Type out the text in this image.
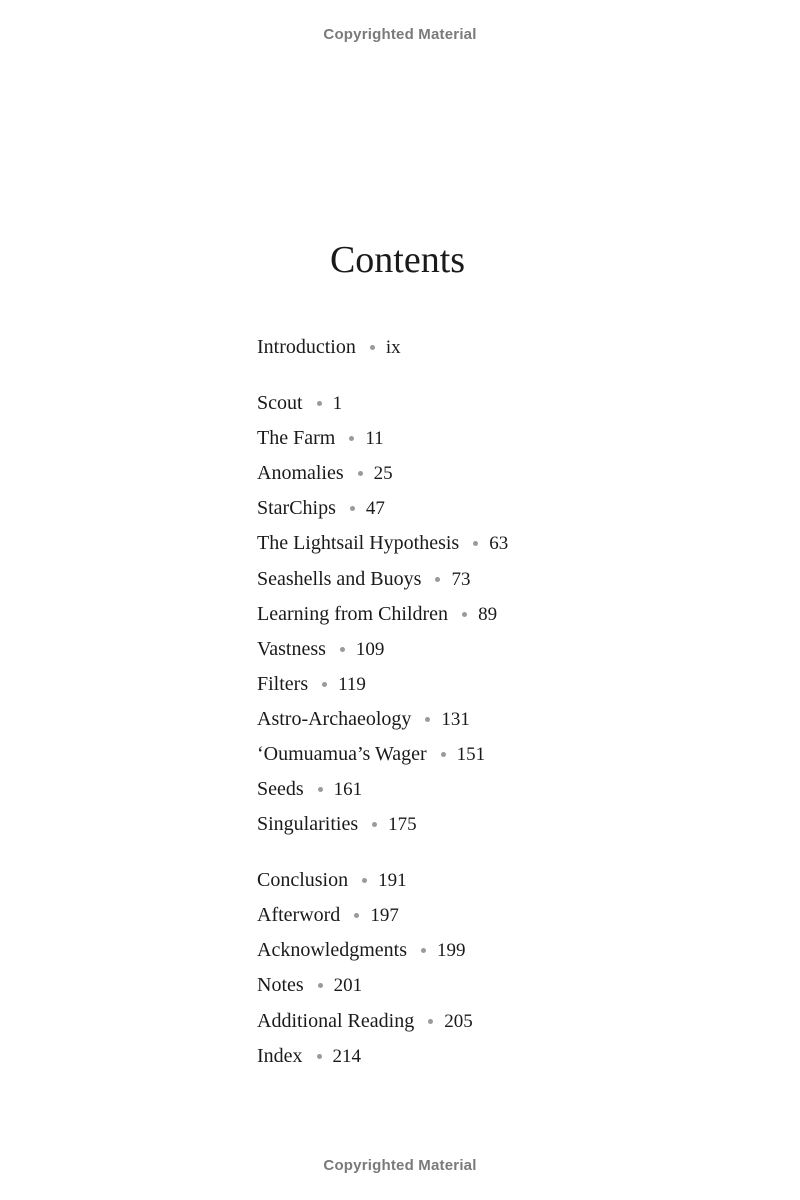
Copyrighted Material
Contents
Introduction ix
Scout 1
The Farm 11
Anomalies 25
StarChips 47
The Lightsail Hypothesis 63
Seashells and Buoys 73
Learning from Children 89
Vastness 109
Filters 119
Astro-Archaeology 131
‘Oumuamua’s Wager 151
Seeds 161
Singularities 175
Conclusion 191
Afterword 197
Acknowledgments 199
Notes 201
Additional Reading 205
Index 214
Copyrighted Material
